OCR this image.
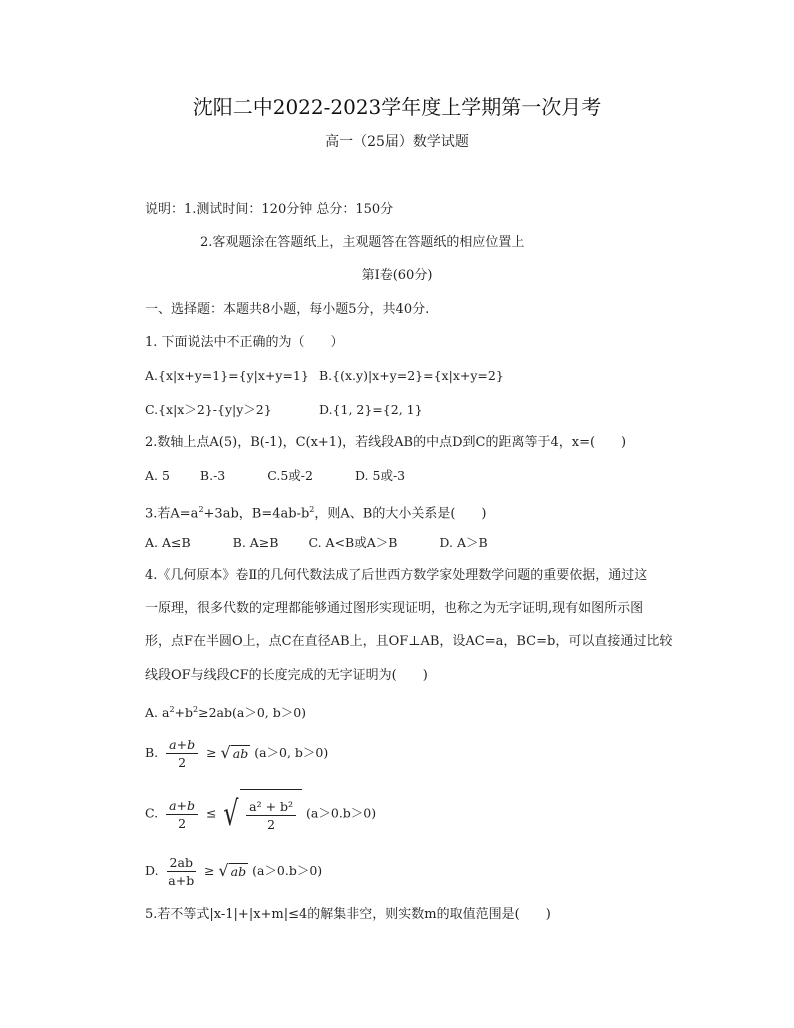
沈阳二中2022-2023学年度上学期第一次月考
高一（25届）数学试题
说明：1.测试时间：120分钟 总分：150分
2.客观题涂在答题纸上，主观题答在答题纸的相应位置上
第Ⅰ卷(60分)
一、选择题：本题共8小题，每小题5分，共40分.
1. 下面说法中不正确的为（　　）
A.{x|x+y=1}={y|x+y=1} B.{(x.y)|x+y=2}={x|x+y=2}
C.{x|x＞2}-{y|y＞2}	D.{1, 2}={2, 1}
2.数轴上点A(5)，B(-1)，C(x+1)，若线段AB的中点D到C的距离等于4，x=(　　)
A. 5 B.-3	C.5或-2	D. 5或-3
3.若$A=a^2+3ab$，$B=4ab-b^2$，则A、B的大小关系是(　　)
A. A≤B	B. A≥B C. A<B或A＞B	D. A＞B
4.《几何原本》卷Ⅱ的几何代数法成了后世西方数学家处理数学问题的重要依据，通过这
一原理，很多代数的定理都能够通过图形实现证明，也称之为无字证明,现有如图所示图
形，点F在半圆O上，点C在直径AB上，且OF⊥AB，设AC=a，BC=b，可以直接通过比较
线段OF与线段CF的长度完成的无字证明为(　　)
A. $a^2+b^2\ge 2ab(a>0$, b＞0)
B. $\frac{a+b}{2}$ ≥ √ ab (a＞0, b＞0)
C. $\frac{a+b}{2}$ ≤ √ $\frac{\text{a² + b²}}{2} (a>0.b>0)$
D. $\frac{2ab}{a+b}$ ≥ √ ab (a＞0.b＞0)
5.若不等式|x-1|+|x+m|≤4的解集非空，则实数m的取值范围是(　　)
